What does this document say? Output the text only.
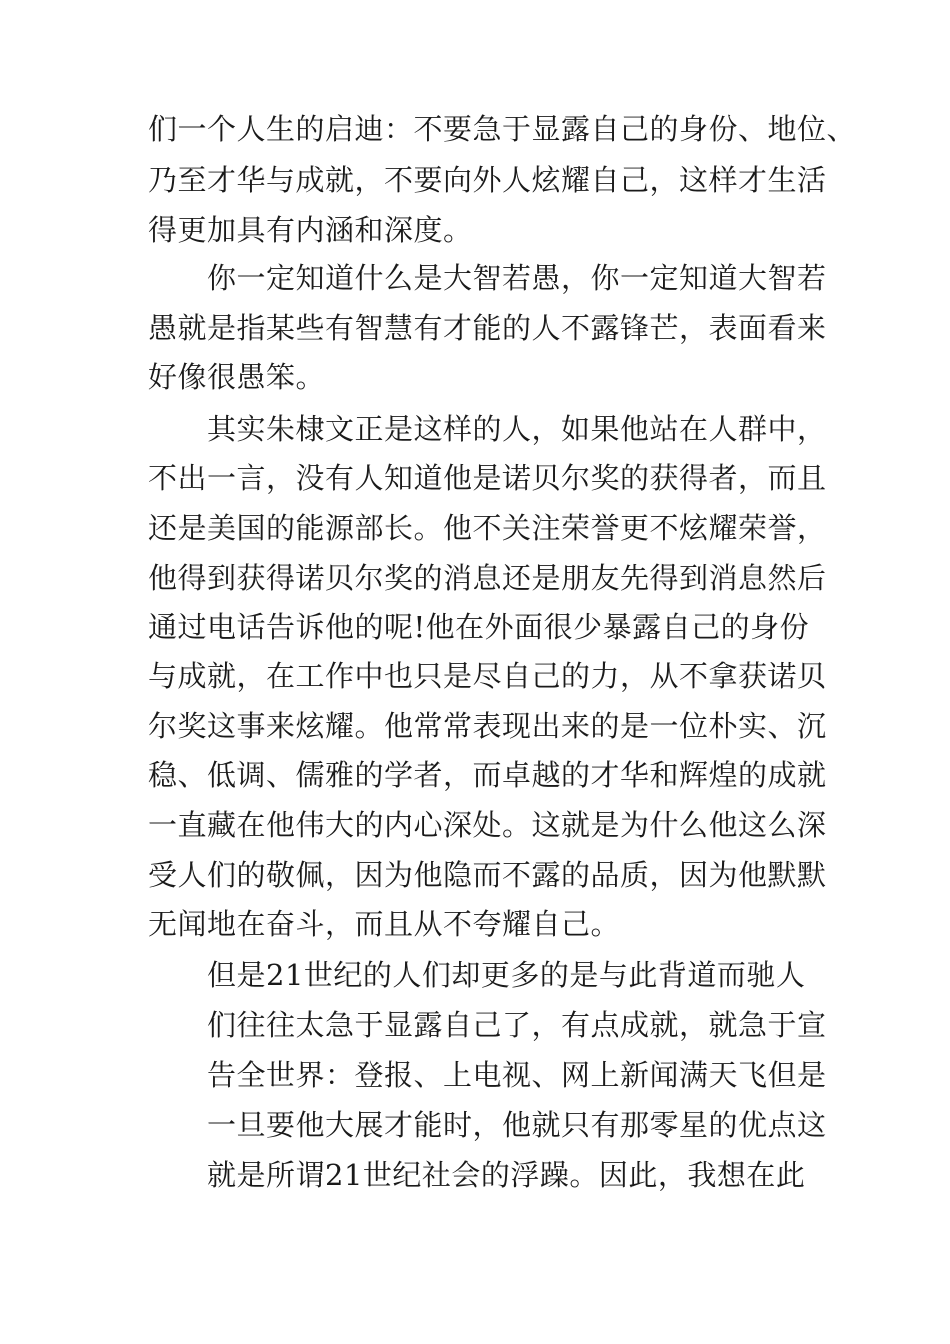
们一个人生的启迪：不要急于显露自己的身份、地位、
乃至才华与成就，不要向外人炫耀自己，这样才生活
得更加具有内涵和深度。
你一定知道什么是大智若愚，你一定知道大智若
愚就是指某些有智慧有才能的人不露锋芒，表面看来
好像很愚笨。
其实朱棣文正是这样的人，如果他站在人群中，
不出一言，没有人知道他是诺贝尔奖的获得者，而且
还是美国的能源部长。他不关注荣誉更不炫耀荣誉，
他得到获得诺贝尔奖的消息还是朋友先得到消息然后
通过电话告诉他的呢!他在外面很少暴露自己的身份
与成就，在工作中也只是尽自己的力，从不拿获诺贝
尔奖这事来炫耀。他常常表现出来的是一位朴实、沉
稳、低调、儒雅的学者，而卓越的才华和辉煌的成就
一直藏在他伟大的内心深处。这就是为什么他这么深
受人们的敬佩，因为他隐而不露的品质，因为他默默
无闻地在奋斗，而且从不夸耀自己。
但是21世纪的人们却更多的是与此背道而驰人
们往往太急于显露自己了，有点成就，就急于宣
告全世界：登报、上电视、网上新闻满天飞但是
一旦要他大展才能时，他就只有那零星的优点这
就是所谓21世纪社会的浮躁。因此，我想在此
